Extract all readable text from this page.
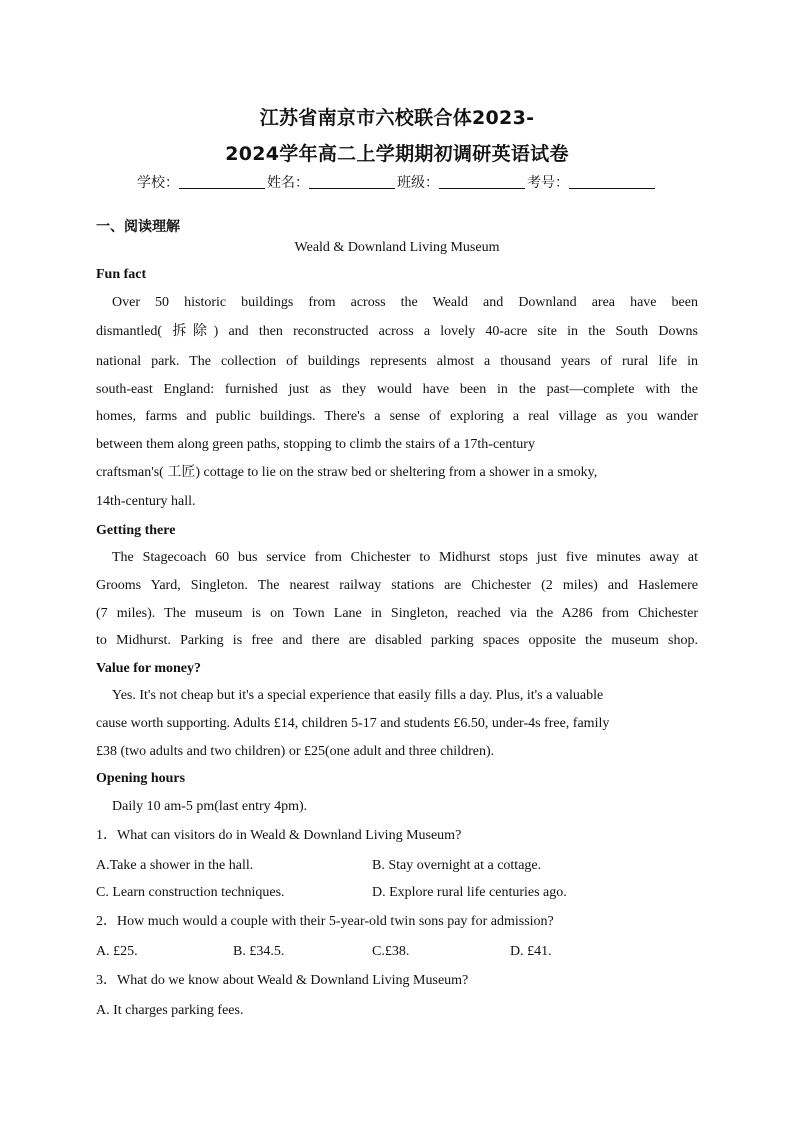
江苏省南京市六校联合体2023-
2024学年高二上学期期初调研英语试卷
学校：	姓名：	班级：	考号：
一、阅读理解
Weald & Downland Living Museum
Fun fact
Over 50 historic buildings from across the Weald and Downland area have been
dismantled( 拆除) and then reconstructed across a lovely 40-acre site in the South Downs
national park. The collection of buildings represents almost a thousand years of rural life in
south-east England: furnished just as they would have been in the past—complete with the
homes, farms and public buildings. There's a sense of exploring a real village as you wander
between them along green paths, stopping to climb the stairs of a 17th-century
craftsman's( 工匠) cottage to lie on the straw bed or sheltering from a shower in a smoky,
14th-century hall.
Getting there
The Stagecoach 60 bus service from Chichester to Midhurst stops just five minutes away at
Grooms Yard, Singleton. The nearest railway stations are Chichester (2 miles) and Haslemere
(7 miles). The museum is on Town Lane in Singleton, reached via the A286 from Chichester
to Midhurst. Parking is free and there are disabled parking spaces opposite the museum shop.
Value for money?
Yes. It's not cheap but it's a special experience that easily fills a day. Plus, it's a valuable
cause worth supporting. Adults £14, children 5-17 and students £6.50, under-4s free, family
£38 (two adults and two children) or £25(one adult and three children).
Opening hours
Daily 10 am-5 pm(last entry 4pm).
1．What can visitors do in Weald & Downland Living Museum?
A.Take a shower in the hall.	B. Stay overnight at a cottage.
C. Learn construction techniques.	D. Explore rural life centuries ago.
2．How much would a couple with their 5-year-old twin sons pay for admission?
A. £25.	B. £34.5.	C.£38.	D. £41.
3．What do we know about Weald & Downland Living Museum?
A. It charges parking fees.
